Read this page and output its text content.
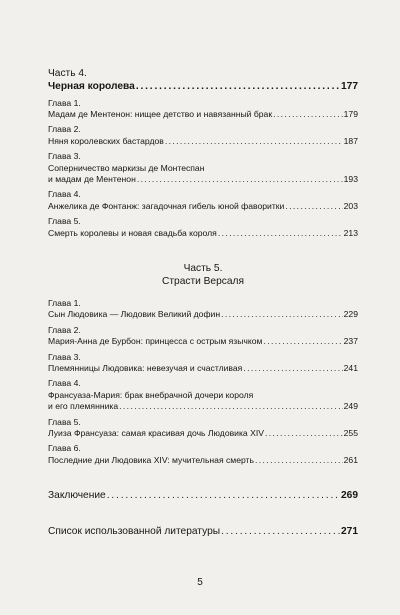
Часть 4.
Черная королева . . .	177
Глава 1.
Мадам де Ментенон: нищее детство и навязанный брак . . .	179
Глава 2.
Няня королевских бастардов . . .	187
Глава 3.
Соперничество маркизы де Монтеспан
и мадам де Ментенон . . .	193
Глава 4.
Анжелика де Фонтанж: загадочная гибель юной фаворитки . . .	203
Глава 5.
Смерть королевы и новая свадьба короля . . .	213
Часть 5.
Страсти Версаля
Глава 1.
Сын Людовика — Людовик Великий дофин . . .	229
Глава 2.
Мария-Анна де Бурбон: принцесса с острым язычком . . .	237
Глава 3.
Племянницы Людовика: невезучая и счастливая . . .	241
Глава 4.
Франсуаза-Мария: брак внебрачной дочери короля
и его племянника . . .	249
Глава 5.
Луиза Франсуаза: самая красивая дочь Людовика XIV . . .	255
Глава 6.
Последние дни Людовика XIV: мучительная смерть . . .	261
Заключение . . .	269
Список использованной литературы . . .	271
5
